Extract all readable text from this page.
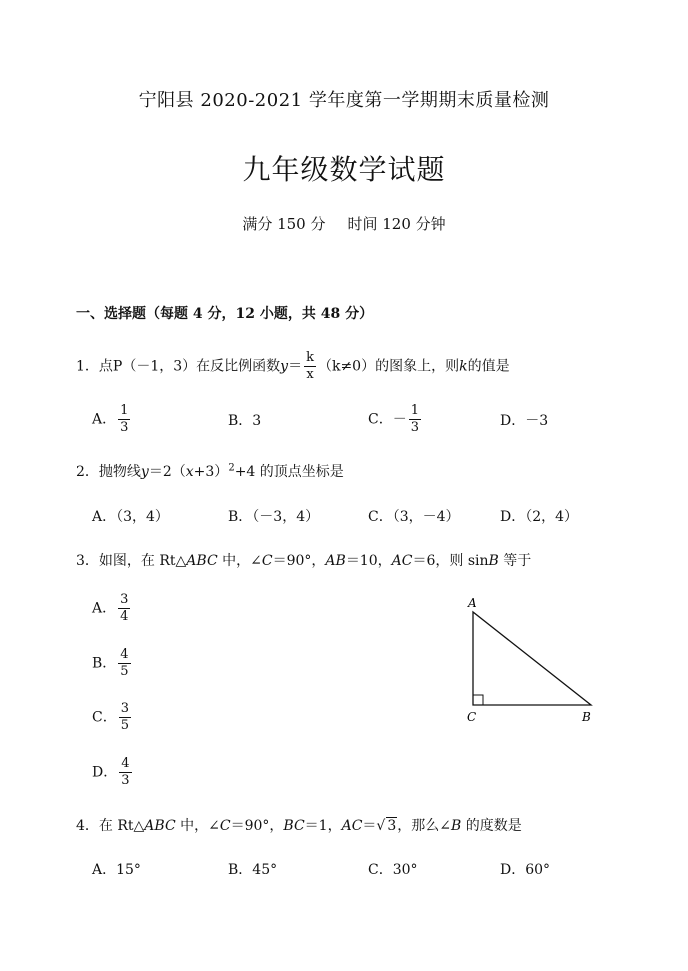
宁阳县 2020-2021 学年度第一学期期末质量检测
九年级数学试题
满分 150 分 时间 120 分钟
一、选择题（每题 4 分，12 小题，共 48 分）
1．点P（－1，3）在反比例函数$y= \frac{k}{x} (k\ne 0)$的图象上，则k的值是
A． $\frac{1}{3}$	B．3	C．－ $\frac{1}{3}$	D．－3
2．抛物线$y=2(x+3)^2+4$ 的顶点坐标是
A．（3，4）	B．（－3，4）	C．（3，－4）	D．（2，4）
3．如图，在 Rt△ABC 中，∠C＝90°，AB＝10，AC＝6，则 sinB 等于
A． $\frac{3}{4}$
B． $\frac{4}{5}$
C． $\frac{3}{5}$
D． $\frac{4}{3}$
A
C	B
4．在 Rt△ABC 中，∠C＝90°，BC＝1，AC＝√ 3，那么∠B 的度数是
A．15°	B．45°	C．30°	D．60°
